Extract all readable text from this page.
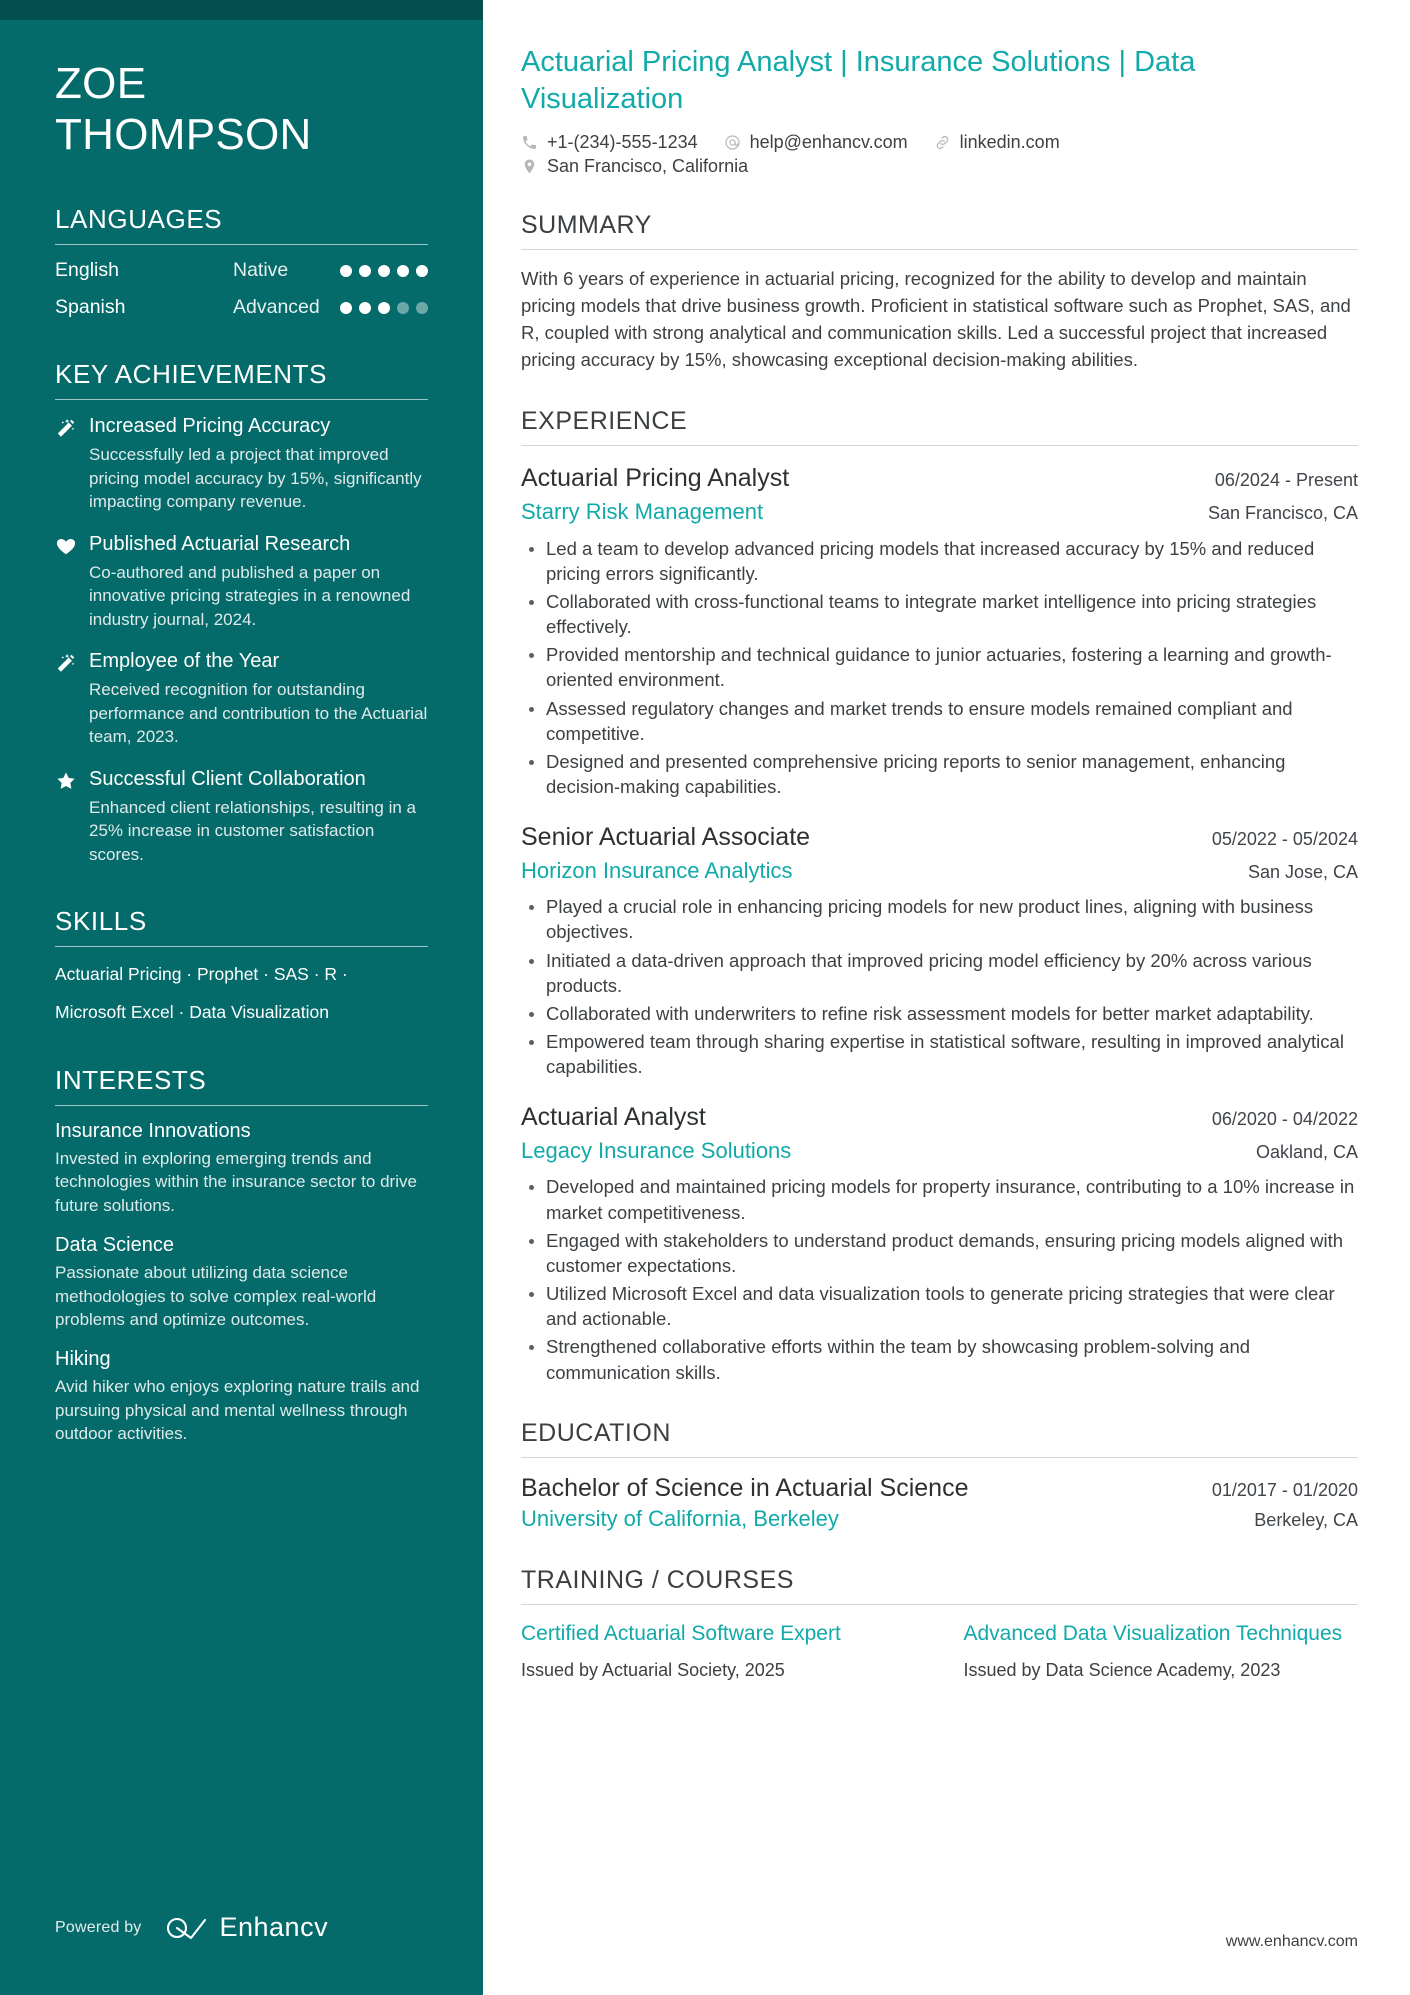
ZOE
THOMPSON
LANGUAGES
English	Native
Spanish	Advanced
KEY ACHIEVEMENTS
Increased Pricing Accuracy
Successfully led a project that improved pricing model accuracy by 15%, significantly impacting company revenue.
Published Actuarial Research
Co-authored and published a paper on innovative pricing strategies in a renowned industry journal, 2024.
Employee of the Year
Received recognition for outstanding performance and contribution to the Actuarial team, 2023.
Successful Client Collaboration
Enhanced client relationships, resulting in a 25% increase in customer satisfaction scores.
SKILLS
Actuarial Pricing · Prophet · SAS · R ·
Microsoft Excel · Data Visualization
INTERESTS
Insurance Innovations
Invested in exploring emerging trends and technologies within the insurance sector to drive future solutions.
Data Science
Passionate about utilizing data science methodologies to solve complex real-world problems and optimize outcomes.
Hiking
Avid hiker who enjoys exploring nature trails and pursuing physical and mental wellness through outdoor activities.
Powered by	Enhancv
Actuarial Pricing Analyst | Insurance Solutions | Data Visualization
+1-(234)-555-1234	help@enhancv.com	linkedin.com
San Francisco, California
SUMMARY

With 6 years of experience in actuarial pricing, recognized for the ability to develop and maintain pricing models that drive business growth. Proficient in statistical software such as Prophet, SAS, and R, coupled with strong analytical and communication skills. Led a successful project that increased pricing accuracy by 15%, showcasing exceptional decision-making abilities.

EXPERIENCE
Actuarial Pricing Analyst	06/2024 - Present
Starry Risk Management	San Francisco, CA
Led a team to develop advanced pricing models that increased accuracy by 15% and reduced pricing errors significantly.
Collaborated with cross-functional teams to integrate market intelligence into pricing strategies effectively.
Provided mentorship and technical guidance to junior actuaries, fostering a learning and growth-oriented environment.
Assessed regulatory changes and market trends to ensure models remained compliant and competitive.
Designed and presented comprehensive pricing reports to senior management, enhancing decision-making capabilities.
Senior Actuarial Associate	05/2022 - 05/2024
Horizon Insurance Analytics	San Jose, CA
Played a crucial role in enhancing pricing models for new product lines, aligning with business objectives.
Initiated a data-driven approach that improved pricing model efficiency by 20% across various products.
Collaborated with underwriters to refine risk assessment models for better market adaptability.
Empowered team through sharing expertise in statistical software, resulting in improved analytical capabilities.
Actuarial Analyst	06/2020 - 04/2022
Legacy Insurance Solutions	Oakland, CA
Developed and maintained pricing models for property insurance, contributing to a 10% increase in market competitiveness.
Engaged with stakeholders to understand product demands, ensuring pricing models aligned with customer expectations.
Utilized Microsoft Excel and data visualization tools to generate pricing strategies that were clear and actionable.
Strengthened collaborative efforts within the team by showcasing problem-solving and communication skills.
EDUCATION
Bachelor of Science in Actuarial Science	01/2017 - 01/2020
University of California, Berkeley	Berkeley, CA
TRAINING / COURSES
Certified Actuarial Software Expert
Issued by Actuarial Society, 2025
Advanced Data Visualization Techniques
Issued by Data Science Academy, 2023
www.enhancv.com
